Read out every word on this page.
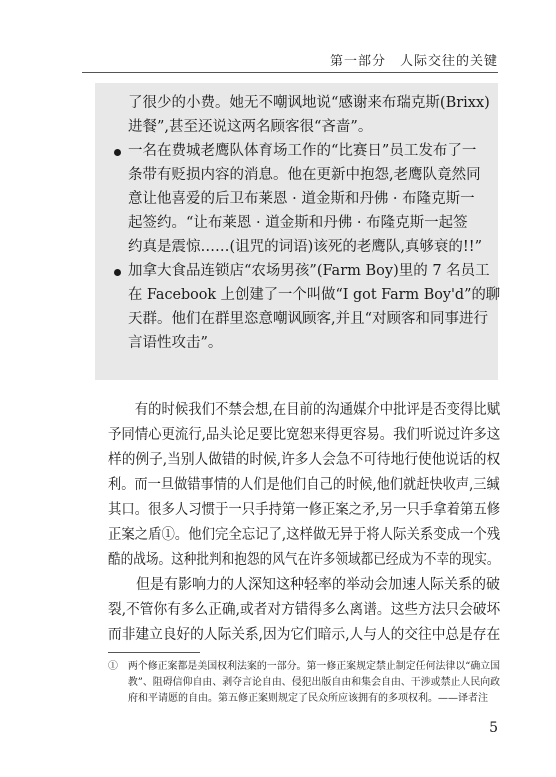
第一部分　人际交往的关键
了很少的小费。她无不嘲讽地说“感谢来布瑞克斯(Brixx)
进餐”,甚至还说这两名顾客很“吝啬”。
一名在费城老鹰队体育场工作的“比赛日”员工发布了一
条带有贬损内容的消息。他在更新中抱怨,老鹰队竟然同
意让他喜爱的后卫布莱恩 · 道金斯和丹佛 · 布隆克斯一
起签约。“让布莱恩 · 道金斯和丹佛 · 布隆克斯一起签
约真是震惊……(诅咒的词语)该死的老鹰队,真够衰的!!”
加拿大食品连锁店“农场男孩”(Farm Boy)里的 7 名员工
在 Facebook 上创建了一个叫做“I got Farm Boy'd”的聊
天群。他们在群里恣意嘲讽顾客,并且“对顾客和同事进行
言语性攻击”。
　　有的时候我们不禁会想,在目前的沟通媒介中批评是否变得比赋
予同情心更流行,品头论足要比宽恕来得更容易。我们听说过许多这
样的例子,当别人做错的时候,许多人会急不可待地行使他说话的权
利。而一旦做错事情的人们是他们自己的时候,他们就赶快收声,三缄
其口。很多人习惯于一只手持第一修正案之矛,另一只手拿着第五修
正案之盾①。他们完全忘记了,这样做无异于将人际关系变成一个残
酷的战场。这种批判和抱怨的风气在许多领域都已经成为不幸的现实。
　　但是有影响力的人深知这种轻率的举动会加速人际关系的破
裂,不管你有多么正确,或者对方错得多么离谱。这些方法只会破坏
而非建立良好的人际关系,因为它们暗示,人与人的交往中总是存在
①　两个修正案都是美国权利法案的一部分。第一修正案规定禁止制定任何法律以“确立国
　　教”、阻碍信仰自由、剥夺言论自由、侵犯出版自由和集会自由、干涉或禁止人民向政
　　府和平请愿的自由。第五修正案则规定了民众所应该拥有的多项权利。——译者注
5
